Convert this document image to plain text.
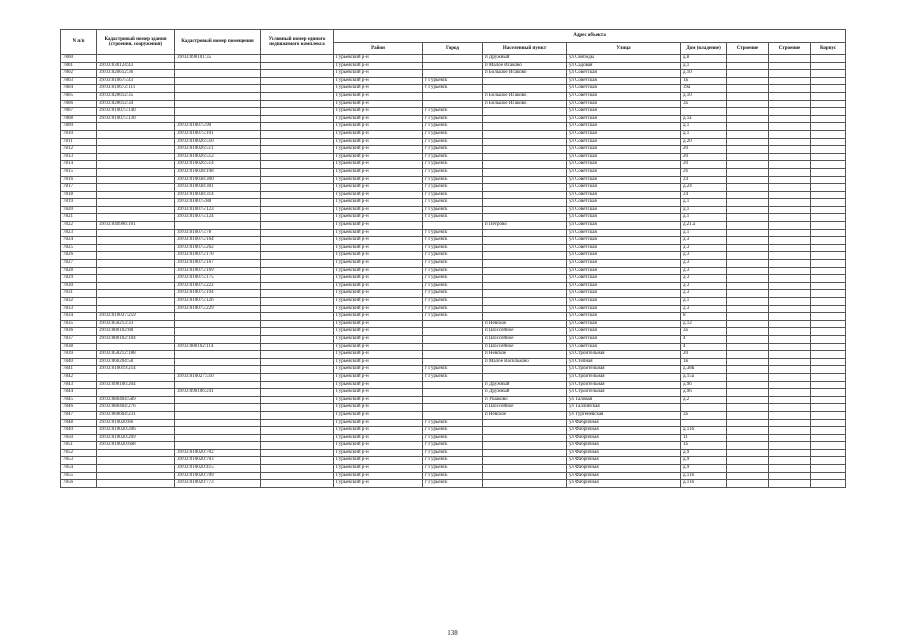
N п/п	Кадастровый номер здания (строения, сооружения)	Кадастровый номер помещения	Условный номер единого недвижимого комплекса	Адрес объекта							
				Район	Город	Населенный пункт	Улица	Дом (владение)	Строение	Строение	Корпус
7800		39:03:090101:35		Гурьевский р-н		п Дружный	ул Свободы	д.8			
7801	39:03:030124:43			Гурьевский р-н		п Малое Исаково	ул Садовая	д.1			
7802	39:03:020612:36			Гурьевский р-н		п Большое Исаково	ул Советская	д.10			
7803	39:03:010675:43			Гурьевский р-н	г Гурьевск		ул Советская	1в			
7804	39:03:010672:111			Гурьевский р-н	г Гурьевск		ул Советская	39а			
7805	39:03:020612:35			Гурьевский р-н		п Большое Исаково	ул Советская	д.10			
7806	39:03:020612:34			Гурьевский р-н		п Большое Исаково	ул Советская	3а			
7807	39:03:010075:140			Гурьевский р-н	г Гурьевск		ул Советская				
7808	39:03:010075:130			Гурьевский р-н	г Гурьевск		ул Советская	д.1а			
7809		39:03:010075:90		Гурьевский р-н	г Гурьевск		ул Советская	д.1			
7810		39:03:010075:101		Гурьевский р-н	г Гурьевск		ул Советская	д.1			
7811		39:03:010026:510		Гурьевский р-н	г Гурьевск		ул Советская	д.20			
7812		39:03:010026:511		Гурьевский р-н	г Гурьевск		ул Советская	20			
7813		39:03:010026:512		Гурьевский р-н	г Гурьевск		ул Советская	20			
7814		39:03:010026:514		Гурьевский р-н	г Гурьевск		ул Советская	20			
7815		39:03:010038:198		Гурьевский р-н	г Гурьевск		ул Советская	26			
7816		39:03:010038:300		Гурьевский р-н	г Гурьевск		ул Советская	24			
7817		39:03:010038:301		Гурьевский р-н	г Гурьевск		ул Советская	д.24			
7818		39:03:010038:314		Гурьевский р-н	г Гурьевск		ул Советская	24			
7819		39:03:010075:88		Гурьевский р-н	г Гурьевск		ул Советская	д.1			
7820		39:03:010075:123		Гурьевский р-н	г Гурьевск		ул Советская	д.1			
7821		39:03:010075:124		Гурьевский р-н	г Гурьевск		ул Советская	д.1			
7822	39:03:040906:101			Гурьевский р-н		п Петрово	ул Советская	д.21.а			
7823		39:03:010075:78		Гурьевский р-н	г Гурьевск		ул Советская	д.1			
7824		39:03:010075:164		Гурьевский р-н	г Гурьевск		ул Советская	д.3			
7825		39:03:010075:262		Гурьевский р-н	г Гурьевск		ул Советская	д.3			
7826		39:03:010075:170		Гурьевский р-н	г Гурьевск		ул Советская	д.3			
7827		39:03:010075:167		Гурьевский р-н	г Гурьевск		ул Советская	д.3			
7828		39:03:010075:169		Гурьевский р-н	г Гурьевск		ул Советская	д.3			
7829		39:03:010075:175		Гурьевский р-н	г Гурьевск		ул Советская	д.3			
7830		39:03:010075:222		Гурьевский р-н	г Гурьевск		ул Советская	д.3			
7831		39:03:010075:194		Гурьевский р-н	г Гурьевск		ул Советская	д.3			
7832		39:03:010075:126		Гурьевский р-н	г Гурьевск		ул Советская	д.1			
7833		39:03:010075:229		Гурьевский р-н	г Гурьевск		ул Советская	д.3			
7834	39:03:010037:259			Гурьевский р-н	г Гурьевск		ул Советская	8			
7835	39:03:050213:33			Гурьевский р-н		п Невское	ул Советская	д.12			
7836	39:03:080102:88			Гурьевский р-н		п Шоссейное	ул Советская	3а			
7837	39:03:080102:104			Гурьевский р-н		п Шоссейное	ул Советская	4			
7838		39:03:080102:114		Гурьевский р-н		п Шоссейное	ул Советская	4			
7839	39:03:050212:188			Гурьевский р-н		п Невское	ул Строительная	20			
7840	39:03:060204:58			Гурьевский р-н		п Малое Васильково	ул Степная	1в			
7841	39:03:010019:214			Гурьевский р-н	г Гурьевск		ул Строительная	д.38в			
7842		39:03:010027:510		Гурьевский р-н	г Гурьевск		ул Строительная	д.15а			
7843	39:03:090106:204			Гурьевский р-н		п Дружный	ул Строительная	д.9б			
7844		39:03:090106:241		Гурьевский р-н		п Дружный	ул Строительная	д.9б			
7845	39:03:080404:589			Гурьевский р-н		п Ушаково	ул Таловая	д.2			
7846	39:03:080404:276			Гурьевский р-н		п Шоссейное	ул Таллинская				
7847	39:03:060604:231			Гурьевский р-н		п Невское	ул Тургеневская	3а			
7848	39:03:010020:86			Гурьевский р-н	г Гурьевск		ул Фабричная				
7849	39:03:010020:206			Гурьевский р-н	г Гурьевск		ул Фабричная	д.11б			
7850	39:03:010020:209			Гурьевский р-н	г Гурьевск		ул Фабричная	11			
7851	39:03:010020:608			Гурьевский р-н	г Гурьевск		ул Фабричная	1а			
7852		39:03:010020:702		Гурьевский р-н	г Гурьевск		ул Фабричная	д.9			
7853		39:03:010020:703		Гурьевский р-н	г Гурьевск		ул Фабричная	д.9			
7854		39:03:010020:415		Гурьевский р-н	г Гурьевск		ул Фабричная	д.9			
7855		39:03:010020:709		Гурьевский р-н	г Гурьевск		ул Фабричная	д.11б			
7856		39:03:010020:773		Гурьевский р-н	г Гурьевск		ул Фабричная	д.11б			
138
